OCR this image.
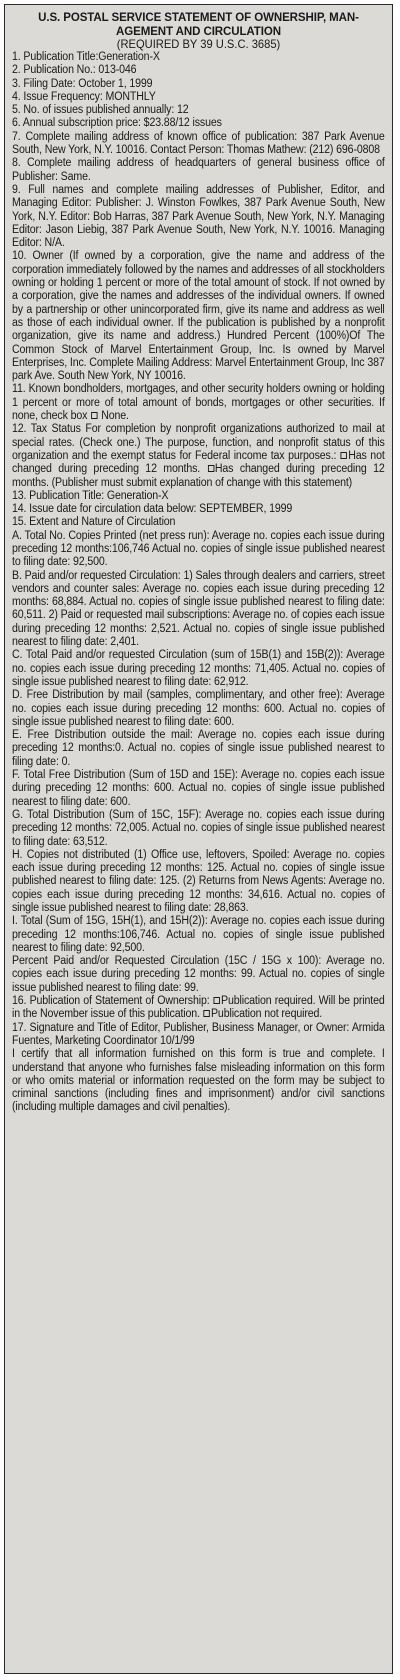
U.S. POSTAL SERVICE STATEMENT OF OWNERSHIP, MAN-
AGEMENT AND CIRCULATION
(REQUIRED BY 39 U.S.C. 3685)

1. Publication Title:Generation-X

2. Publication No.: 013-046

3. Filing Date: October 1, 1999

4. Issue Frequency: MONTHLY

5. No. of issues published annually: 12

6. Annual subscription price: $23.88/12 issues

7. Complete mailing address of known office of publication: 387 Park Avenue South, New York, N.Y. 10016. Contact Person: Thomas Mathew: (212) 696-0808

8. Complete mailing address of headquarters of general business office of Publisher: Same.

9. Full names and complete mailing addresses of Publisher, Editor, and Managing Editor: Publisher: J. Winston Fowlkes, 387 Park Avenue South, New York, N.Y. Editor: Bob Harras, 387 Park Avenue South, New York, N.Y. Managing Editor: Jason Liebig, 387 Park Avenue South, New York, N.Y. 10016. Managing Editor: N/A.

10. Owner (If owned by a corporation, give the name and address of the corporation immediately followed by the names and addresses of all stockholders owning or holding 1 percent or more of the total amount of stock. If not owned by a corporation, give the names and addresses of the individual owners. If owned by a partnership or other unincorporated firm, give its name and address as well as those of each individual owner. If the publication is published by a nonprofit organization, give its name and address.) Hundred Percent (100%)Of The Common Stock of Marvel Entertainment Group, Inc. Is owned by Marvel Enterprises, Inc. Complete Mailing Address: Marvel Entertainment Group, Inc 387 park Ave. South New York, NY 10016.

11. Known bondholders, mortgages, and other security holders owning or holding 1 percent or more of total amount of bonds, mortgages or other securities. If none, check box  None.

12. Tax Status For completion by nonprofit organizations authorized to mail at special rates. (Check one.) The purpose, function, and nonprofit status of this organization and the exempt status for Federal income tax purposes.: Has not changed during preceding 12 months. Has changed during preceding 12 months. (Publisher must submit explanation of change with this statement)

13. Publication Title: Generation-X

14. Issue date for circulation data below: SEPTEMBER, 1999

15. Extent and Nature of Circulation

A. Total No. Copies Printed (net press run): Average no. copies each issue during preceding 12 months:106,746 Actual no. copies of single issue published nearest to filing date: 92,500.

B. Paid and/or requested Circulation: 1) Sales through dealers and carriers, street vendors and counter sales: Average no. copies each issue during preceding 12 months: 68,884. Actual no. copies of single issue published nearest to filing date: 60,511. 2) Paid or requested mail subscriptions: Average no. of copies each issue during preceding 12 months: 2,521. Actual no. copies of single issue published nearest to filing date: 2,401.

C. Total Paid and/or requested Circulation (sum of 15B(1) and 15B(2)): Average no. copies each issue during preceding 12 months: 71,405. Actual no. copies of single issue published nearest to filing date: 62,912.

D. Free Distribution by mail (samples, complimentary, and other free): Average no. copies each issue during preceding 12 months: 600. Actual no. copies of single issue published nearest to filing date: 600.

E. Free Distribution outside the mail: Average no. copies each issue during preceding 12 months:0. Actual no. copies of single issue published nearest to filing date: 0.

F. Total Free Distribution (Sum of 15D and 15E): Average no. copies each issue during preceding 12 months: 600. Actual no. copies of single issue published nearest to filing date: 600.

G. Total Distribution (Sum of 15C, 15F): Average no. copies each issue during preceding 12 months: 72,005. Actual no. copies of single issue published nearest to filing date: 63,512.

H. Copies not distributed (1) Office use, leftovers, Spoiled: Average no. copies each issue during preceding 12 months: 125. Actual no. copies of single issue published nearest to filing date: 125. (2) Returns from News Agents: Average no. copies each issue during preceding 12 months: 34,616. Actual no. copies of single issue published nearest to filing date: 28,863.

I. Total (Sum of 15G, 15H(1), and 15H(2)): Average no. copies each issue during preceding 12 months:106,746. Actual no. copies of single issue published nearest to filing date: 92,500.

Percent Paid and/or Requested Circulation (15C / 15G x 100): Average no. copies each issue during preceding 12 months: 99. Actual no. copies of single issue published nearest to filing date: 99.

16. Publication of Statement of Ownership: Publication required. Will be printed in the November issue of this publication. Publication not required.

17. Signature and Title of Editor, Publisher, Business Manager, or Owner: Armida Fuentes, Marketing Coordinator 10/1/99

I certify that all information furnished on this form is true and complete. I understand that anyone who furnishes false misleading information on this form or who omits material or information requested on the form may be subject to criminal sanctions (including fines and imprisonment) and/or civil sanctions (including multiple damages and civil penalties).
